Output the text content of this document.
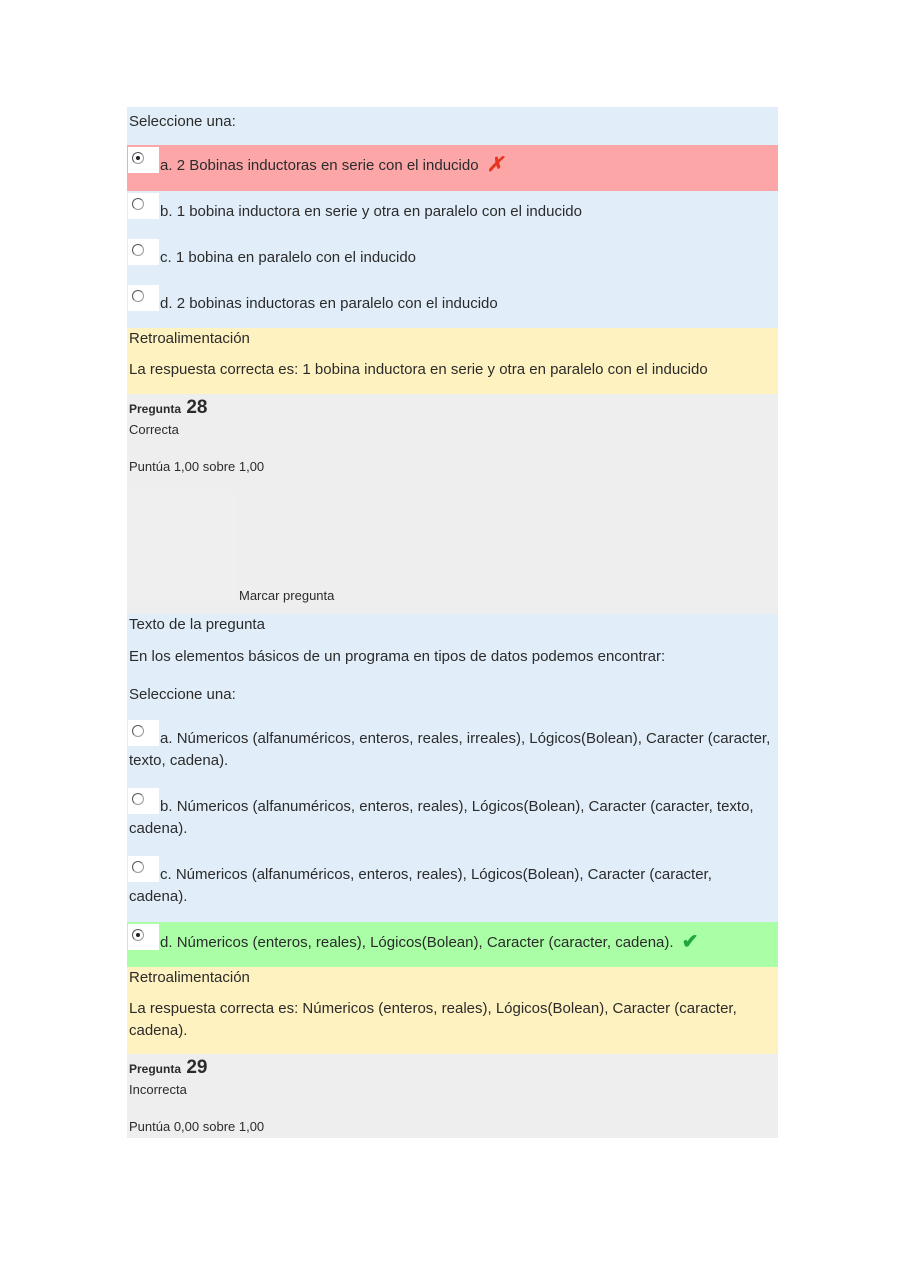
Seleccione una:
a. 2 Bobinas inductoras en serie con el inducido ✗
b. 1 bobina inductora en serie y otra en paralelo con el inducido
c. 1 bobina en paralelo con el inducido
d. 2 bobinas inductoras en paralelo con el inducido
Retroalimentación
La respuesta correcta es: 1 bobina inductora en serie y otra en paralelo con el inducido
Pregunta 28
Correcta
Puntúa 1,00 sobre 1,00
Marcar pregunta
Texto de la pregunta
En los elementos básicos de un programa en tipos de datos podemos encontrar:
Seleccione una:
a. Númericos (alfanuméricos, enteros, reales, irreales), Lógicos(Bolean), Caracter (caracter, texto, cadena).
b. Númericos (alfanuméricos, enteros, reales), Lógicos(Bolean), Caracter (caracter, texto, cadena).
c. Númericos (alfanuméricos, enteros, reales), Lógicos(Bolean), Caracter (caracter, cadena).
d. Númericos (enteros, reales), Lógicos(Bolean), Caracter (caracter, cadena). ✔
Retroalimentación
La respuesta correcta es: Númericos (enteros, reales), Lógicos(Bolean), Caracter (caracter, cadena).
Pregunta 29
Incorrecta
Puntúa 0,00 sobre 1,00
